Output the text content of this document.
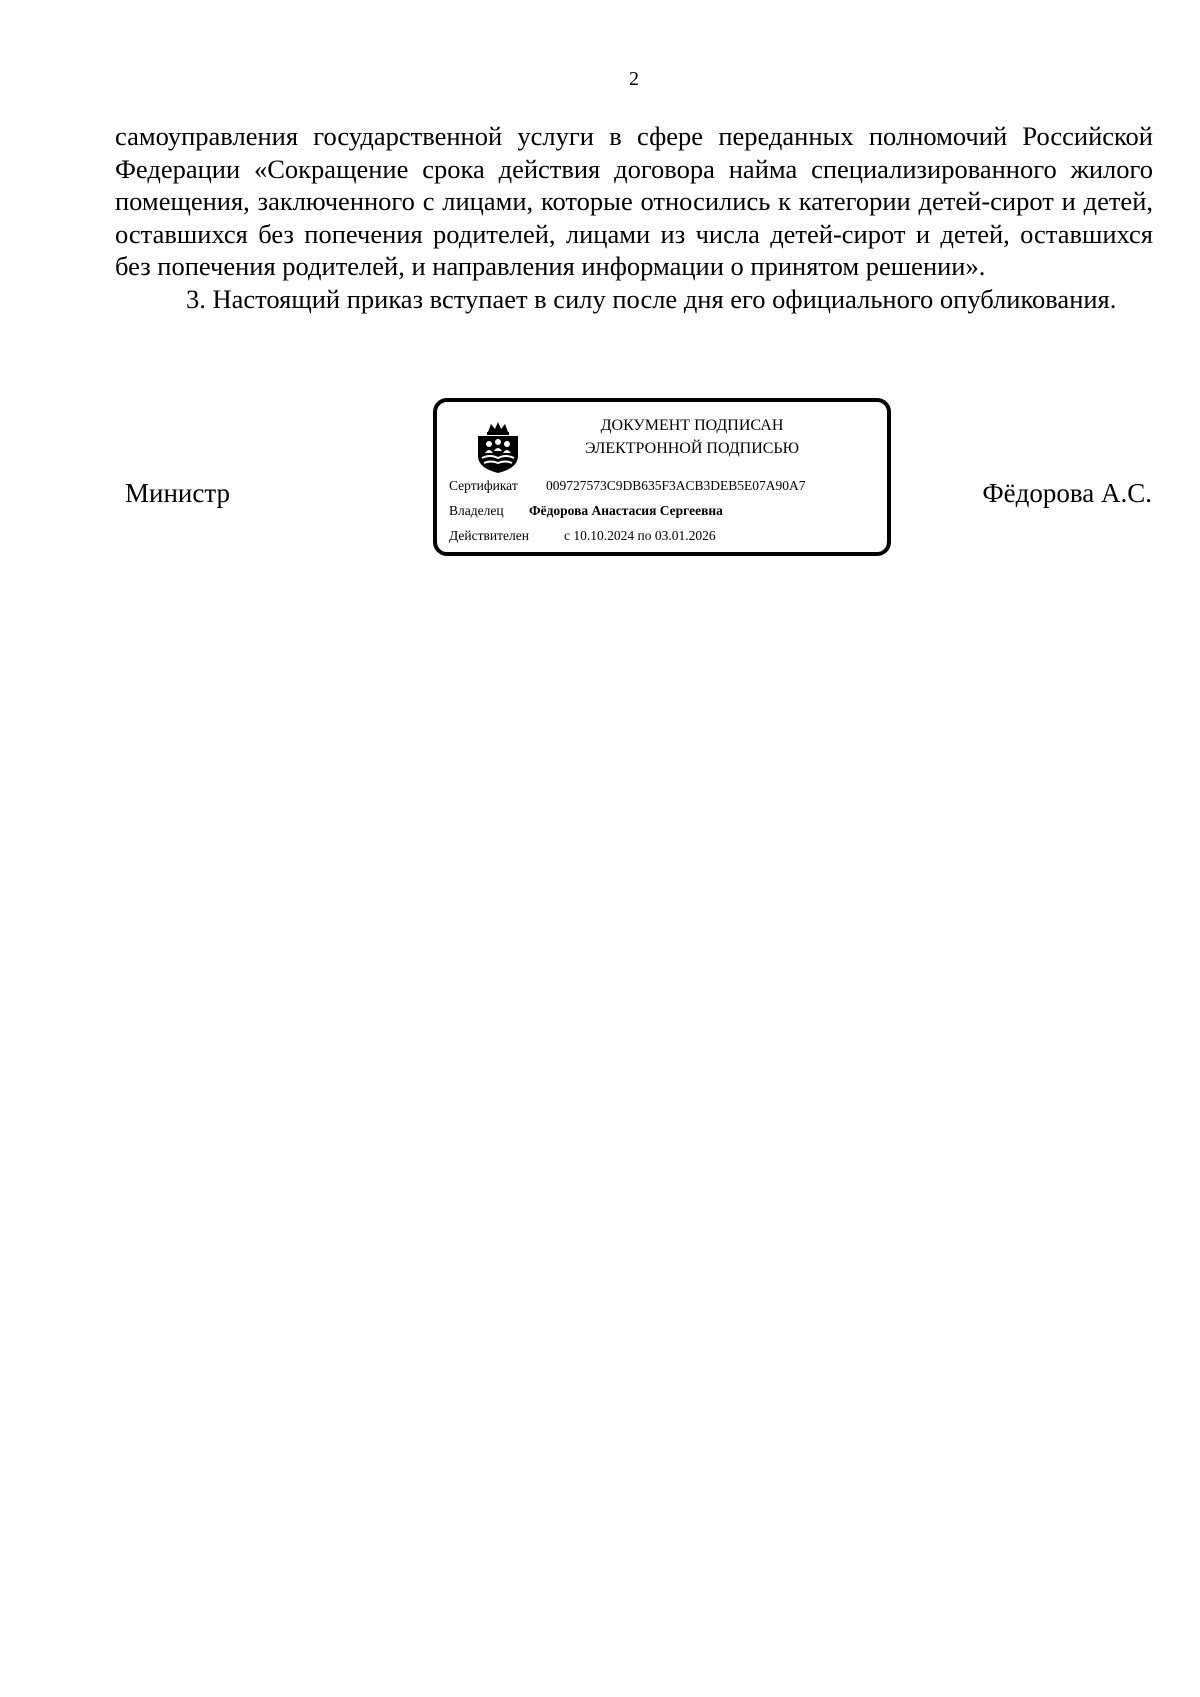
2

самоуправления государственной услуги в сфере переданных полномочий Российской Федерации «Сокращение срока действия договора найма специализированного жилого помещения, заключенного с лицами, которые относились к категории детей-сирот и детей, оставшихся без попечения родителей, лицами из числа детей-сирот и детей, оставшихся без попечения родителей, и направления информации о принятом решении».

3. Настоящий приказ вступает в силу после дня его официального опубликования.

Министр
ДОКУМЕНТ ПОДПИСАН
ЭЛЕКТРОННОЙ ПОДПИСЬЮ
Сертификат 009727573C9DB635F3ACB3DEB5E07A90A7
Владелец Фёдорова Анастасия Сергеевна
Действителен	с 10.10.2024 по 03.01.2026
Фёдорова А.С.
